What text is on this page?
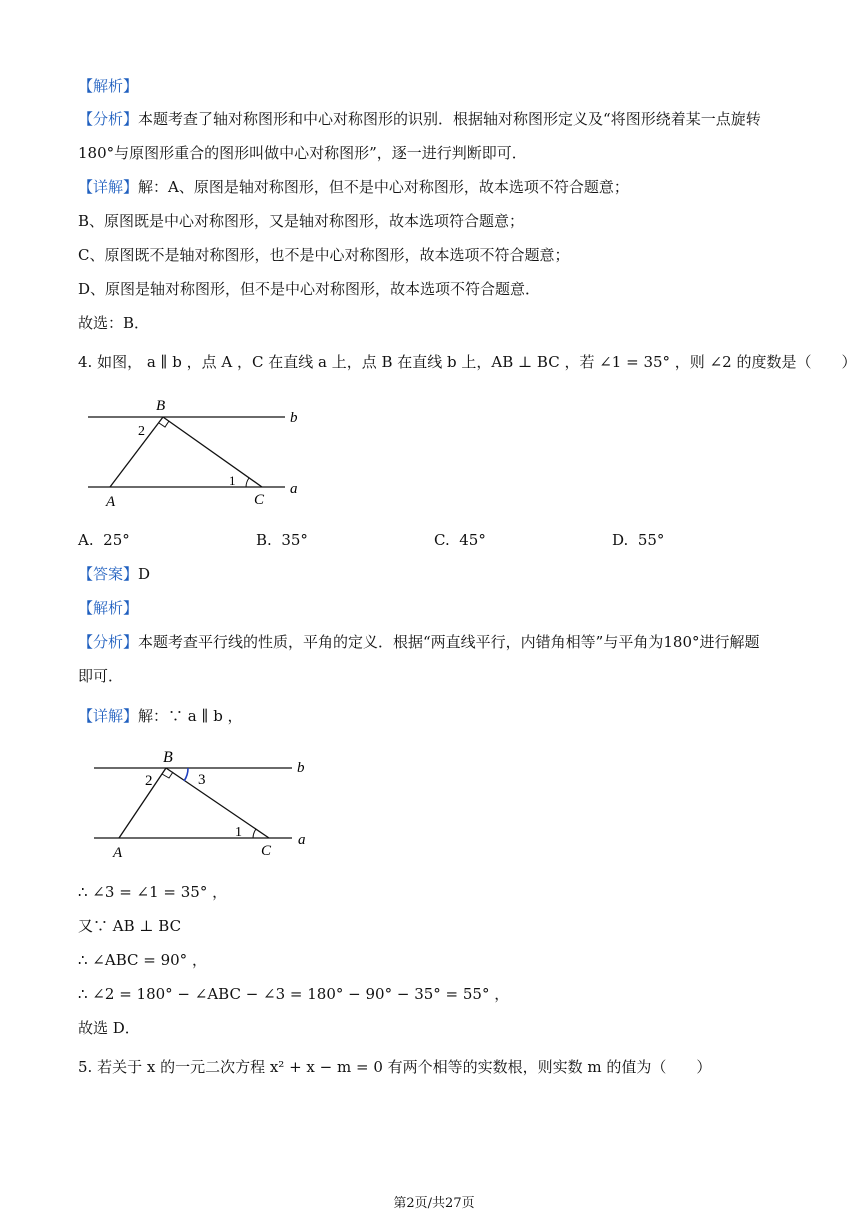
【解析】
【分析】本题考查了轴对称图形和中心对称图形的识别．根据轴对称图形定义及“将图形绕着某一点旋转
180°与原图形重合的图形叫做中心对称图形”，逐一进行判断即可．
【详解】解：A、原图是轴对称图形，但不是中心对称图形，故本选项不符合题意；
B、原图既是中心对称图形，又是轴对称图形，故本选项符合题意；
C、原图既不是轴对称图形，也不是中心对称图形，故本选项不符合题意；
D、原图是轴对称图形，但不是中心对称图形，故本选项不符合题意．
故选：B．
4. 如图， a ∥ b ，点 A ，C 在直线 a 上，点 B 在直线 b 上，AB ⊥ BC ，若 ∠1 = 35° ，则 ∠2 的度数是（　　）
B
b
2
1
A	C
a
A. 25°	B. 35°	C. 45°	D. 55°
【答案】D
【解析】
【分析】本题考查平行线的性质，平角的定义．根据“两直线平行，内错角相等”与平角为180°进行解题
即可．
【详解】解：∵ a ∥ b ，
B
b
2	3
1
A	C
a
∴ ∠3 = ∠1 = 35° ，
又∵ AB ⊥ BC
∴ ∠ABC = 90° ，
∴ ∠2 = 180° − ∠ABC − ∠3 = 180° − 90° − 35° = 55° ，
故选 D．
5. 若关于 x 的一元二次方程 x² + x − m = 0 有两个相等的实数根，则实数 m 的值为（　　）
第2页/共27页
